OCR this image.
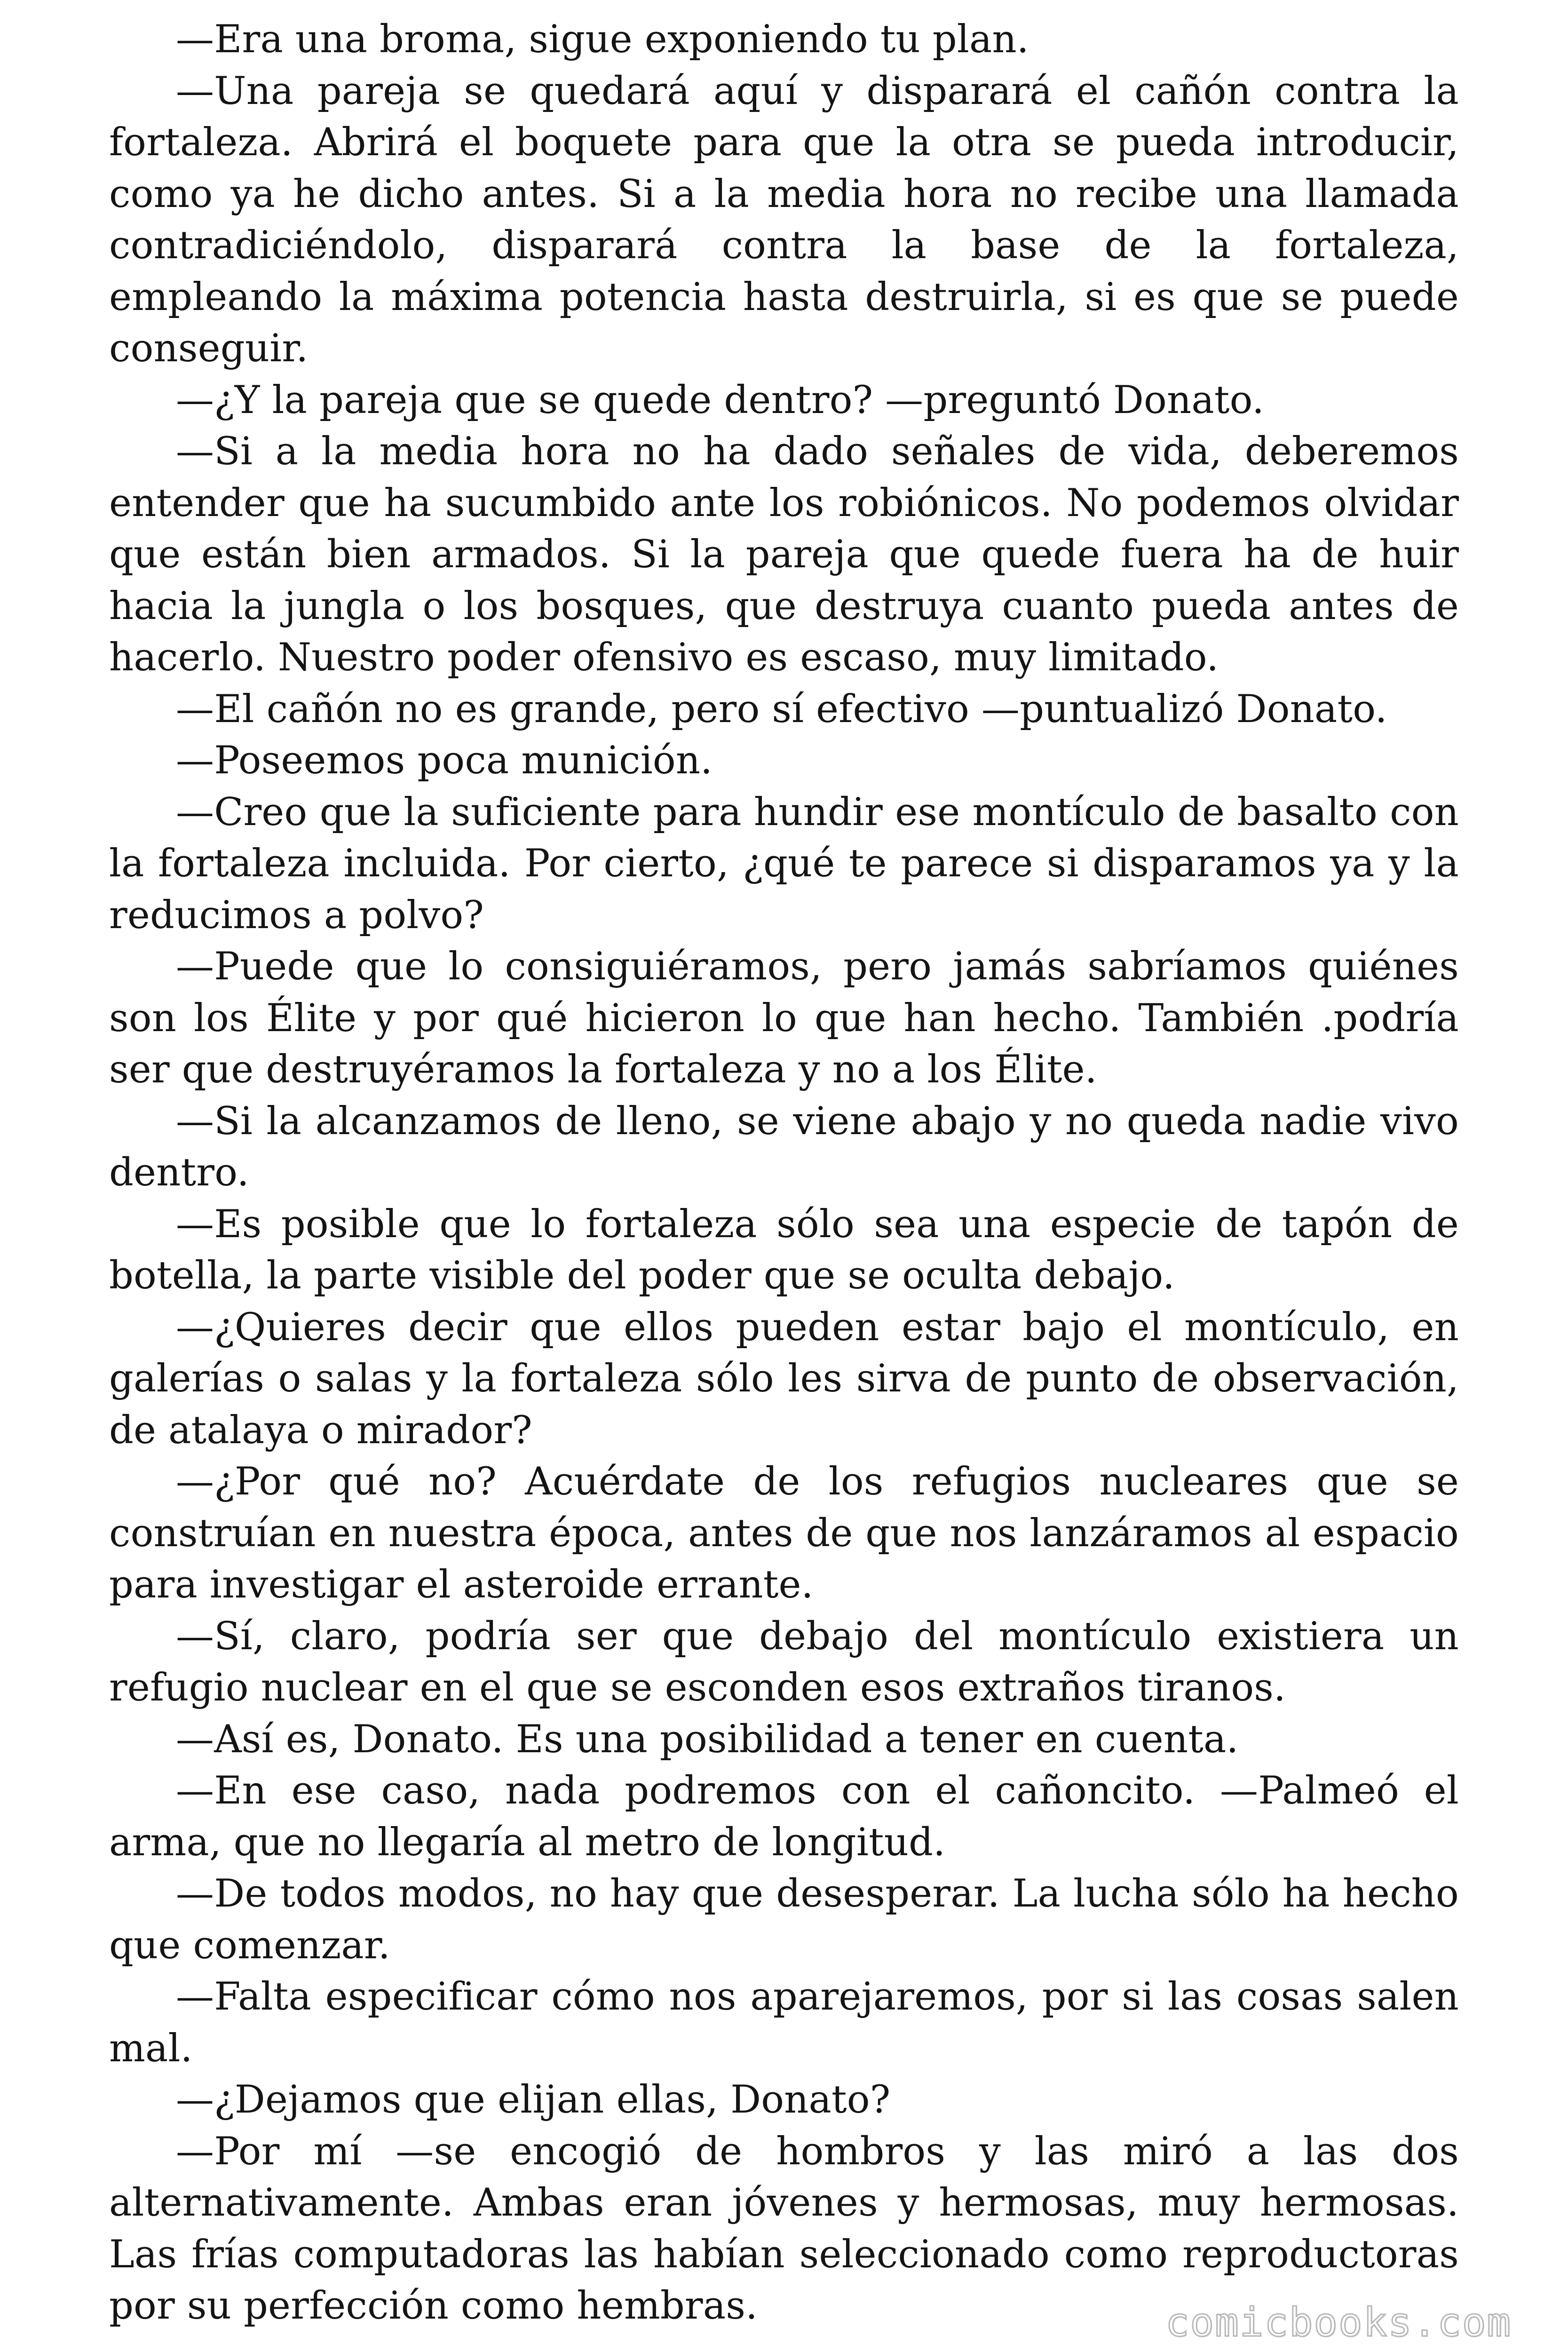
—Era una broma, sigue exponiendo tu plan.

—Una pareja se quedará aquí y disparará el cañón contra la fortaleza. Abrirá el boquete para que la otra se pueda introducir, como ya he dicho antes. Si a la media hora no recibe una llamada contradiciéndolo, disparará contra la base de la fortaleza, empleando la máxima potencia hasta destruirla, si es que se puede conseguir.

—¿Y la pareja que se quede dentro? —preguntó Donato.

—Si a la media hora no ha dado señales de vida, deberemos entender que ha sucumbido ante los robiónicos. No podemos olvidar que están bien armados. Si la pareja que quede fuera ha de huir hacia la jungla o los bosques, que destruya cuanto pueda antes de hacerlo. Nuestro poder ofensivo es escaso, muy limitado.

—El cañón no es grande, pero sí efectivo —puntualizó Donato.

—Poseemos poca munición.

—Creo que la suficiente para hundir ese montículo de basalto con la fortaleza incluida. Por cierto, ¿qué te parece si disparamos ya y la reducimos a polvo?

—Puede que lo consiguiéramos, pero jamás sabríamos quiénes son los Élite y por qué hicieron lo que han hecho. También .podría ser que destruyéramos la fortaleza y no a los Élite.

—Si la alcanzamos de lleno, se viene abajo y no queda nadie vivo dentro.

—Es posible que lo fortaleza sólo sea una especie de tapón de botella, la parte visible del poder que se oculta debajo.

—¿Quieres decir que ellos pueden estar bajo el montículo, en galerías o salas y la fortaleza sólo les sirva de punto de observación, de atalaya o mirador?

—¿Por qué no? Acuérdate de los refugios nucleares que se construían en nuestra época, antes de que nos lanzáramos al espacio para investigar el asteroide errante.

—Sí, claro, podría ser que debajo del montículo existiera un refugio nuclear en el que se esconden esos extraños tiranos.

—Así es, Donato. Es una posibilidad a tener en cuenta.

—En ese caso, nada podremos con el cañoncito. —Palmeó el arma, que no llegaría al metro de longitud.

—De todos modos, no hay que desesperar. La lucha sólo ha hecho que comenzar.

—Falta especificar cómo nos aparejaremos, por si las cosas salen mal.

—¿Dejamos que elijan ellas, Donato?

—Por mí —se encogió de hombros y las miró a las dos alternativamente. Ambas eran jóvenes y hermosas, muy hermosas. Las frías computadoras las habían seleccionado como reproductoras por su perfección como hembras.	comicbooks.com
